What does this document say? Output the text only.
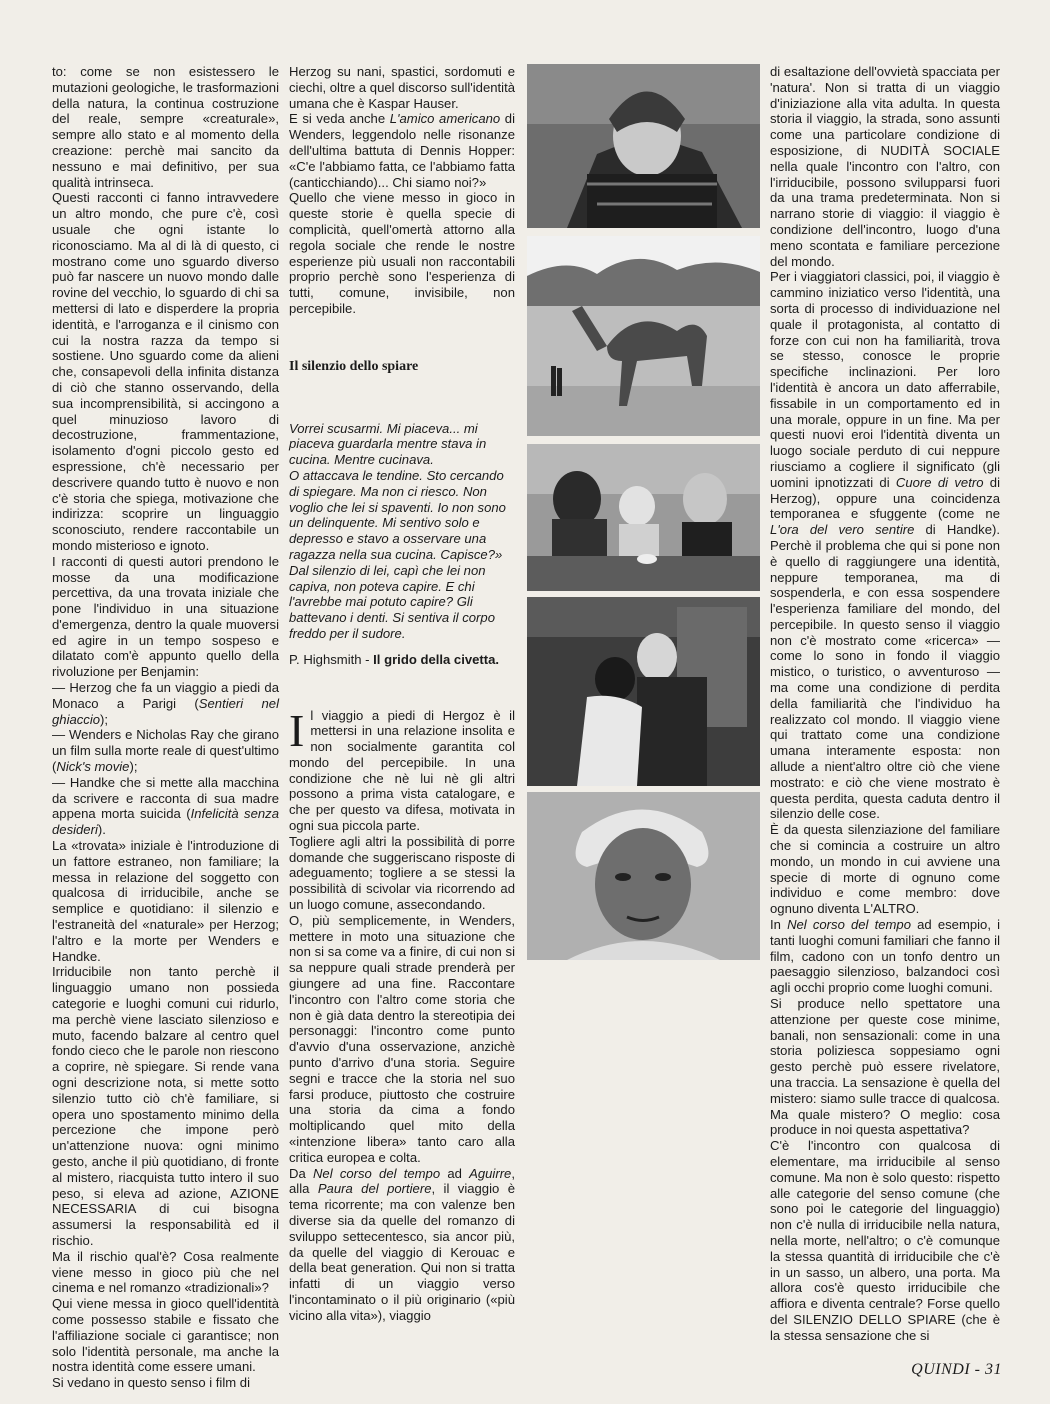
to: come se non esistessero le mutazioni geologiche, le trasformazioni della natura, la continua costruzione del reale, sempre «creaturale», sempre allo stato e al momento della creazione: perchè mai sancito da nessuno e mai definitivo, per sua qualità intrinseca.

Questi racconti ci fanno intravvedere un altro mondo, che pure c'è, così usuale che ogni istante lo riconosciamo. Ma al di là di questo, ci mostrano come uno sguardo diverso può far nascere un nuovo mondo dalle rovine del vecchio, lo sguardo di chi sa mettersi di lato e disperdere la propria identità, e l'arroganza e il cinismo con cui la nostra razza da tempo si sostiene. Uno sguardo come da alieni che, consapevoli della infinita distanza di ciò che stanno osservando, della sua incomprensibilità, si accingono a quel minuzioso lavoro di decostruzione, frammentazione, isolamento d'ogni piccolo gesto ed espressione, ch'è necessario per descrivere quando tutto è nuovo e non c'è storia che spiega, motivazione che indirizza: scoprire un linguaggio sconosciuto, rendere raccontabile un mondo misterioso e ignoto.

I racconti di questi autori prendono le mosse da una modificazione percettiva, da una trovata iniziale che pone l'individuo in una situazione d'emergenza, dentro la quale muoversi ed agire in un tempo sospeso e dilatato com'è appunto quello della rivoluzione per Benjamin:

— Herzog che fa un viaggio a piedi da Monaco a Parigi (Sentieri nel ghiaccio);

— Wenders e Nicholas Ray che girano un film sulla morte reale di quest'ultimo (Nick's movie);

— Handke che si mette alla macchina da scrivere e racconta di sua madre appena morta suicida (Infelicità senza desideri).

La «trovata» iniziale è l'introduzione di un fattore estraneo, non familiare; la messa in relazione del soggetto con qualcosa di irriducibile, anche se semplice e quotidiano: il silenzio e l'estraneità del «naturale» per Herzog; l'altro e la morte per Wenders e Handke.

Irriducibile non tanto perchè il linguaggio umano non possieda categorie e luoghi comuni cui ridurlo, ma perchè viene lasciato silenzioso e muto, facendo balzare al centro quel fondo cieco che le parole non riescono a coprire, nè spiegare. Si rende vana ogni descrizione nota, si mette sotto silenzio tutto ciò ch'è familiare, si opera uno spostamento minimo della percezione che impone però un'attenzione nuova: ogni minimo gesto, anche il più quotidiano, di fronte al mistero, riacquista tutto intero il suo peso, si eleva ad azione, AZIONE NECESSARIA di cui bisogna assumersi la responsabilità ed il rischio.

Ma il rischio qual'è? Cosa realmente viene messo in gioco più che nel cinema e nel romanzo «tradizionali»?

Qui viene messa in gioco quell'identità come possesso stabile e fissato che l'affiliazione sociale ci garantisce; non solo l'identità personale, ma anche la nostra identità come essere umani.

Si vedano in questo senso i film di

Herzog su nani, spastici, sordomuti e ciechi, oltre a quel discorso sull'identità umana che è Kaspar Hauser.

E si veda anche L'amico americano di Wenders, leggendolo nelle risonanze dell'ultima battuta di Dennis Hopper: «C'e l'abbiamo fatta, ce l'abbiamo fatta (canticchiando)... Chi siamo noi?»

Quello che viene messo in gioco in queste storie è quella specie di complicità, quell'omertà attorno alla regola sociale che rende le nostre esperienze più usuali non raccontabili proprio perchè sono l'esperienza di tutti, comune, invisibile, non percepibile.

Il silenzio dello spiare

Vorrei scusarmi. Mi piaceva... mi piaceva guardarla mentre stava in cucina. Mentre cucinava.

O attaccava le tendine. Sto cercando di spiegare. Ma non ci riesco. Non voglio che lei si spaventi. Io non sono un delinquente. Mi sentivo solo e depresso e stavo a osservare una ragazza nella sua cucina. Capisce?»

Dal silenzio di lei, capì che lei non capiva, non poteva capire. E chi l'avrebbe mai potuto capire? Gli battevano i denti. Si sentiva il corpo freddo per il sudore.

P. Highsmith - Il grido della civetta.

Il viaggio a piedi di Hergoz è il mettersi in una relazione insolita e non socialmente garantita col mondo del percepibile. In una condizione che nè lui nè gli altri possono a prima vista catalogare, e che per questo va difesa, motivata in ogni sua piccola parte.

Togliere agli altri la possibilità di porre domande che suggeriscano risposte di adeguamento; togliere a se stessi la possibilità di scivolar via ricorrendo ad un luogo comune, assecondando.

O, più semplicemente, in Wenders, mettere in moto una situazione che non si sa come va a finire, di cui non si sa neppure quali strade prenderà per giungere ad una fine. Raccontare l'incontro con l'altro come storia che non è già data dentro la stereotipia dei personaggi: l'incontro come punto d'avvio d'una osservazione, anzichè punto d'arrivo d'una storia. Seguire segni e tracce che la storia nel suo farsi produce, piuttosto che costruire una storia da cima a fondo moltiplicando quel mito della «intenzione libera» tanto caro alla critica europea e colta.

Da Nel corso del tempo ad Aguirre, alla Paura del portiere, il viaggio è tema ricorrente; ma con valenze ben diverse sia da quelle del romanzo di sviluppo settecentesco, sia ancor più, da quelle del viaggio di Kerouac e della beat generation. Qui non si tratta infatti di un viaggio verso l'incontaminato o il più originario («più vicino alla vita»), viaggio

di esaltazione dell'ovvietà spacciata per 'natura'. Non si tratta di un viaggio d'iniziazione alla vita adulta. In questa storia il viaggio, la strada, sono assunti come una particolare condizione di esposizione, di NUDITÀ SOCIALE nella quale l'incontro con l'altro, con l'irriducibile, possono svilupparsi fuori da una trama predeterminata. Non si narrano storie di viaggio: il viaggio è condizione dell'incontro, luogo d'una meno scontata e familiare percezione del mondo.

Per i viaggiatori classici, poi, il viaggio è cammino iniziatico verso l'identità, una sorta di processo di individuazione nel quale il protagonista, al contatto di forze con cui non ha familiarità, trova se stesso, conosce le proprie specifiche inclinazioni. Per loro l'identità è ancora un dato afferrabile, fissabile in un comportamento ed in una morale, oppure in un fine. Ma per questi nuovi eroi l'identità diventa un luogo sociale perduto di cui neppure riusciamo a cogliere il significato (gli uomini ipnotizzati di Cuore di vetro di Herzog), oppure una coincidenza temporanea e sfuggente (come ne L'ora del vero sentire di Handke). Perchè il problema che qui si pone non è quello di raggiungere una identità, neppure temporanea, ma di sospenderla, e con essa sospendere l'esperienza familiare del mondo, del percepibile. In questo senso il viaggio non c'è mostrato come «ricerca» — come lo sono in fondo il viaggio mistico, o turistico, o avventuroso — ma come una condizione di perdita della familiarità che l'individuo ha realizzato col mondo. Il viaggio viene qui trattato come una condizione umana interamente esposta: non allude a nient'altro oltre ciò che viene mostrato: e ciò che viene mostrato è questa perdita, questa caduta dentro il silenzio delle cose.

È da questa silenziazione del familiare che si comincia a costruire un altro mondo, un mondo in cui avviene una specie di morte di ognuno come individuo e come membro: dove ognuno diventa L'ALTRO.

In Nel corso del tempo ad esempio, i tanti luoghi comuni familiari che fanno il film, cadono con un tonfo dentro un paesaggio silenzioso, balzandoci così agli occhi proprio come luoghi comuni.

Si produce nello spettatore una attenzione per queste cose minime, banali, non sensazionali: come in una storia poliziesca soppesiamo ogni gesto perchè può essere rivelatore, una traccia. La sensazione è quella del mistero: siamo sulle tracce di qualcosa. Ma quale mistero? O meglio: cosa produce in noi questa aspettativa?

C'è l'incontro con qualcosa di elementare, ma irriducibile al senso comune. Ma non è solo questo: rispetto alle categorie del senso comune (che sono poi le categorie del linguaggio) non c'è nulla di irriducibile nella natura, nella morte, nell'altro; o c'è comunque la stessa quantità di irriducibile che c'è in un sasso, un albero, una porta. Ma allora cos'è questo irriducibile che affiora e diventa centrale? Forse quello del SILENZIO DELLO SPIARE (che è la stessa sensazione che si

QUINDI - 31
